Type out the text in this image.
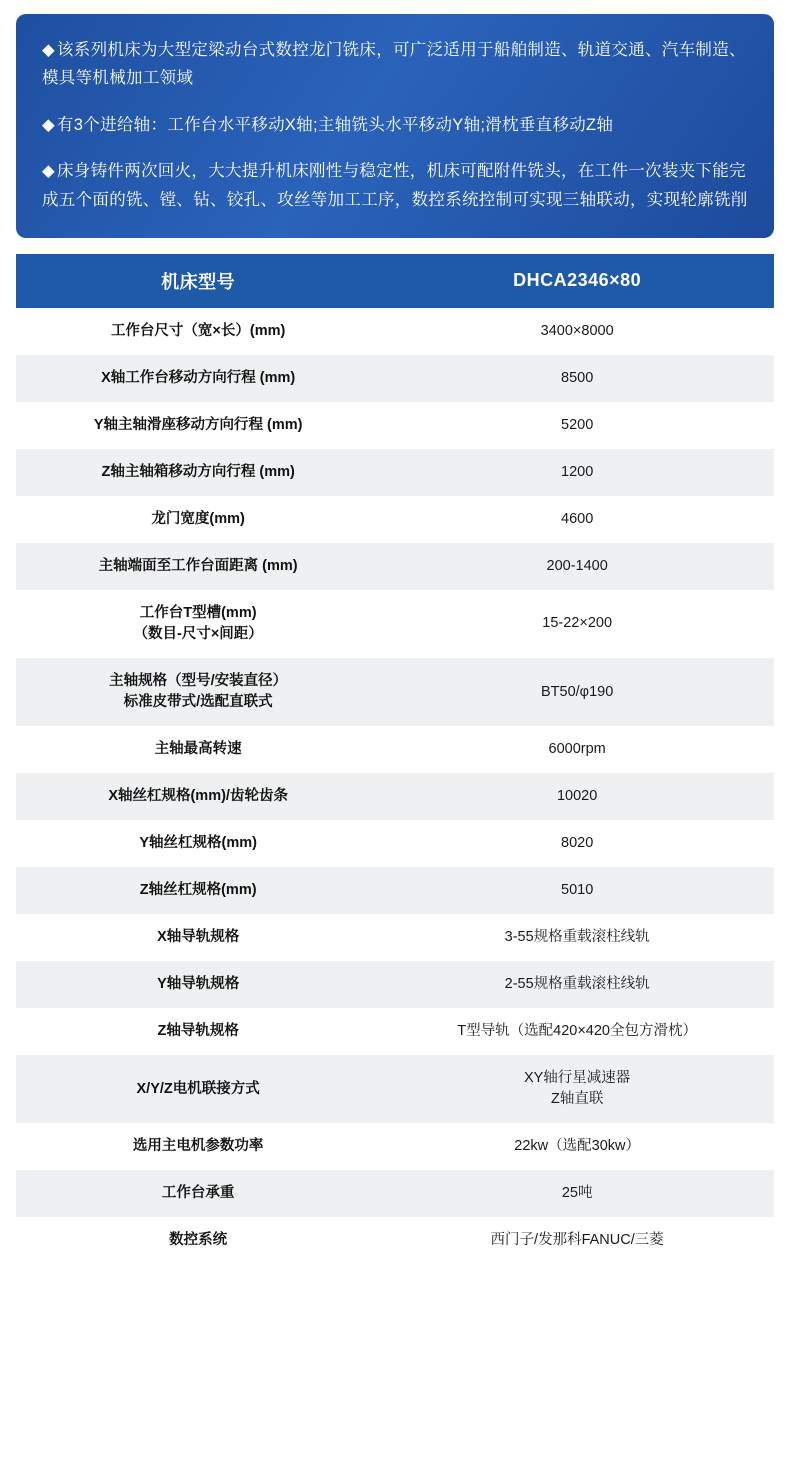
◆ 该系列机床为大型定梁动台式数控龙门铣床，可广泛适用于船舶制造、轨道交通、汽车制造、模具等机械加工领域
◆ 有3个进给轴：工作台水平移动X轴;主轴铣头水平移动Y轴;滑枕垂直移动Z轴
◆ 床身铸件两次回火，大大提升机床刚性与稳定性，机床可配附件铣头，在工件一次装夹下能完成五个面的铣、镗、钻、铰孔、攻丝等加工工序，数控系统控制可实现三轴联动，实现轮廓铣削
机床型号	DHCA2346×80
工作台尺寸（宽×长）(mm)	3400×8000
X轴工作台移动方向行程 (mm)	8500
Y轴主轴滑座移动方向行程 (mm)	5200
Z轴主轴箱移动方向行程 (mm)	1200
龙门宽度(mm)	4600
主轴端面至工作台面距离 (mm)	200-1400

工作台T型槽(mm)
（数目-尺寸×间距）	15-22×200

主轴规格（型号/安装直径）
标准皮带式/选配直联式	BT50/φ190
主轴最高转速	6000rpm
X轴丝杠规格(mm)/齿轮齿条	10020
Y轴丝杠规格(mm)	8020
Z轴丝杠规格(mm)	5010
X轴导轨规格	3-55规格重载滚柱线轨
Y轴导轨规格	2-55规格重载滚柱线轨
Z轴导轨规格	T型导轨（选配420×420全包方滑枕）
X/Y/Z电机联接方式	XY轴行星减速器
Z轴直联

选用主电机参数功率	22kw（选配30kw）
工作台承重	25吨
数控系统	西门子/发那科FANUC/三菱
